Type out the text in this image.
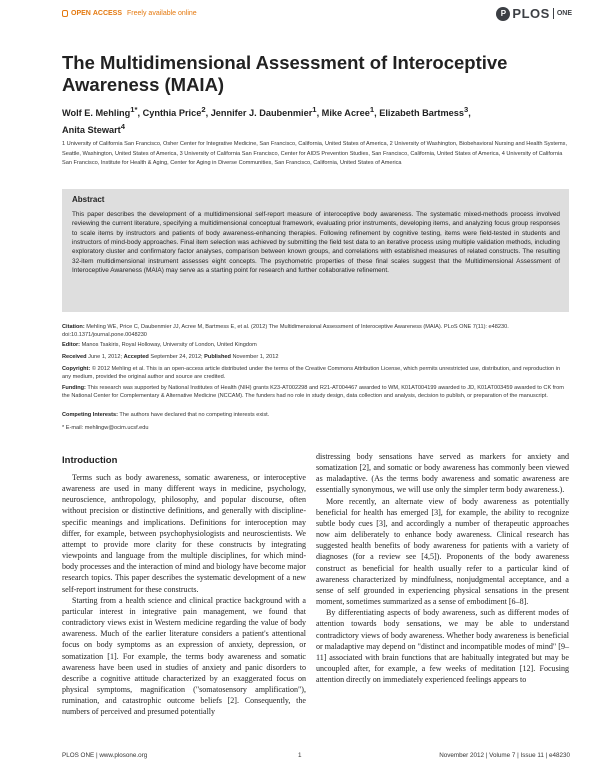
OPEN ACCESS Freely available online	P PLOS ONE
The Multidimensional Assessment of Interoceptive Awareness (MAIA)
Wolf E. Mehling$^{1*}$, Cynthia Price$^2$, Jennifer J. Daubenmier$^1$, Mike Acree$^1$, Elizabeth Bartmess$^3$,
Anita Stewart$^4$
1 University of California San Francisco, Osher Center for Integrative Medicine, San Francisco, California, United States of America, 2 University of Washington, Biobehavioral Nursing and Health Systems, Seattle, Washington, United States of America, 3 University of California San Francisco, Center for AIDS Prevention Studies, San Francisco, California, United States of America, 4 University of California San Francisco, Institute for Health & Aging, Center for Aging in Diverse Communities, San Francisco, California, United States of America
Abstract
This paper describes the development of a multidimensional self-report measure of interoceptive body awareness. The systematic mixed-methods process involved reviewing the current literature, specifying a multidimensional conceptual framework, evaluating prior instruments, developing items, and analyzing focus group responses to scale items by instructors and patients of body awareness-enhancing therapies. Following refinement by cognitive testing, items were field-tested in students and instructors of mind-body approaches. Final item selection was achieved by submitting the field test data to an iterative process using multiple validation methods, including exploratory cluster and confirmatory factor analyses, comparison between known groups, and correlations with established measures of related constructs. The resulting 32-item multidimensional instrument assesses eight concepts. The psychometric properties of these final scales suggest that the Multidimensional Assessment of Interoceptive Awareness (MAIA) may serve as a starting point for research and further collaborative refinement.
Citation: Mehling WE, Price C, Daubenmier JJ, Acree M, Bartmess E, et al. (2012) The Multidimensional Assessment of Interoceptive Awareness (MAIA). PLoS ONE 7(11): e48230. doi:10.1371/journal.pone.0048230
Editor: Manos Tsakiris, Royal Holloway, University of London, United Kingdom
Received June 1, 2012; Accepted September 24, 2012; Published November 1, 2012
Copyright: © 2012 Mehling et al. This is an open-access article distributed under the terms of the Creative Commons Attribution License, which permits unrestricted use, distribution, and reproduction in any medium, provided the original author and source are credited.
Funding: This research was supported by National Institutes of Health (NIH) grants K23-AT002298 and R21-AT004467 awarded to WM, K01AT004199 awarded to JD, K01AT003459 awarded to CK from the National Center for Complementary & Alternative Medicine (NCCAM). The funders had no role in study design, data collection and analysis, decision to publish, or preparation of the manuscript.
Competing Interests: The authors have declared that no competing interests exist.
* E-mail: mehlingw@ocim.ucsf.edu
Introduction

Terms such as body awareness, somatic awareness, or interoceptive awareness are used in many different ways in medicine, psychology, neuroscience, anthropology, philosophy, and popular discourse, often without precision or distinctive definitions, and generally with discipline-specific meanings and implications. Definitions for interoception may differ, for example, between psychophysiologists and neuroscientists. We attempt to provide more clarity for these constructs by integrating viewpoints and language from the multiple disciplines, for which mind-body processes and the interaction of mind and biology have become major research topics. This paper describes the systematic development of a new self-report instrument for these constructs.

Starting from a health science and clinical practice background with a particular interest in integrative pain management, we found that contradictory views exist in Western medicine regarding the value of body awareness. Much of the earlier literature considers a patient's attentional focus on body symptoms as an expression of anxiety, depression, or somatization [1]. For example, the terms body awareness and somatic awareness have been used in studies of anxiety and panic disorders to describe a cognitive attitude characterized by an exaggerated focus on physical symptoms, magnification ("somatosensory amplification"), rumination, and catastrophic outcome beliefs [2]. Consequently, the numbers of perceived and presumed potentially

distressing body sensations have served as markers for anxiety and somatization [2], and somatic or body awareness has commonly been viewed as maladaptive. (As the terms body awareness and somatic awareness are essentially synonymous, we will use only the simpler term body awareness.).

More recently, an alternate view of body awareness as potentially beneficial for health has emerged [3], for example, the ability to recognize subtle body cues [3], and accordingly a number of therapeutic approaches now aim deliberately to enhance body awareness. Clinical research has suggested health benefits of body awareness for patients with a variety of diagnoses (for a review see [4,5]). Proponents of the body awareness construct as beneficial for health usually refer to a particular kind of awareness characterized by mindfulness, nonjudgmental acceptance, and a sense of self grounded in experiencing physical sensations in the present moment, sometimes summarized as a sense of embodiment [6–8].

By differentiating aspects of body awareness, such as different modes of attention towards body sensations, we may be able to understand contradictory views of body awareness. Whether body awareness is beneficial or maladaptive may depend on "distinct and incompatible modes of mind" [9–11] associated with brain functions that are habitually integrated but may be uncoupled after, for example, a few weeks of meditation [12]. Focusing attention directly on immediately experienced feelings appears to

PLOS ONE | www.plosone.org	1	November 2012 | Volume 7 | Issue 11 | e48230
